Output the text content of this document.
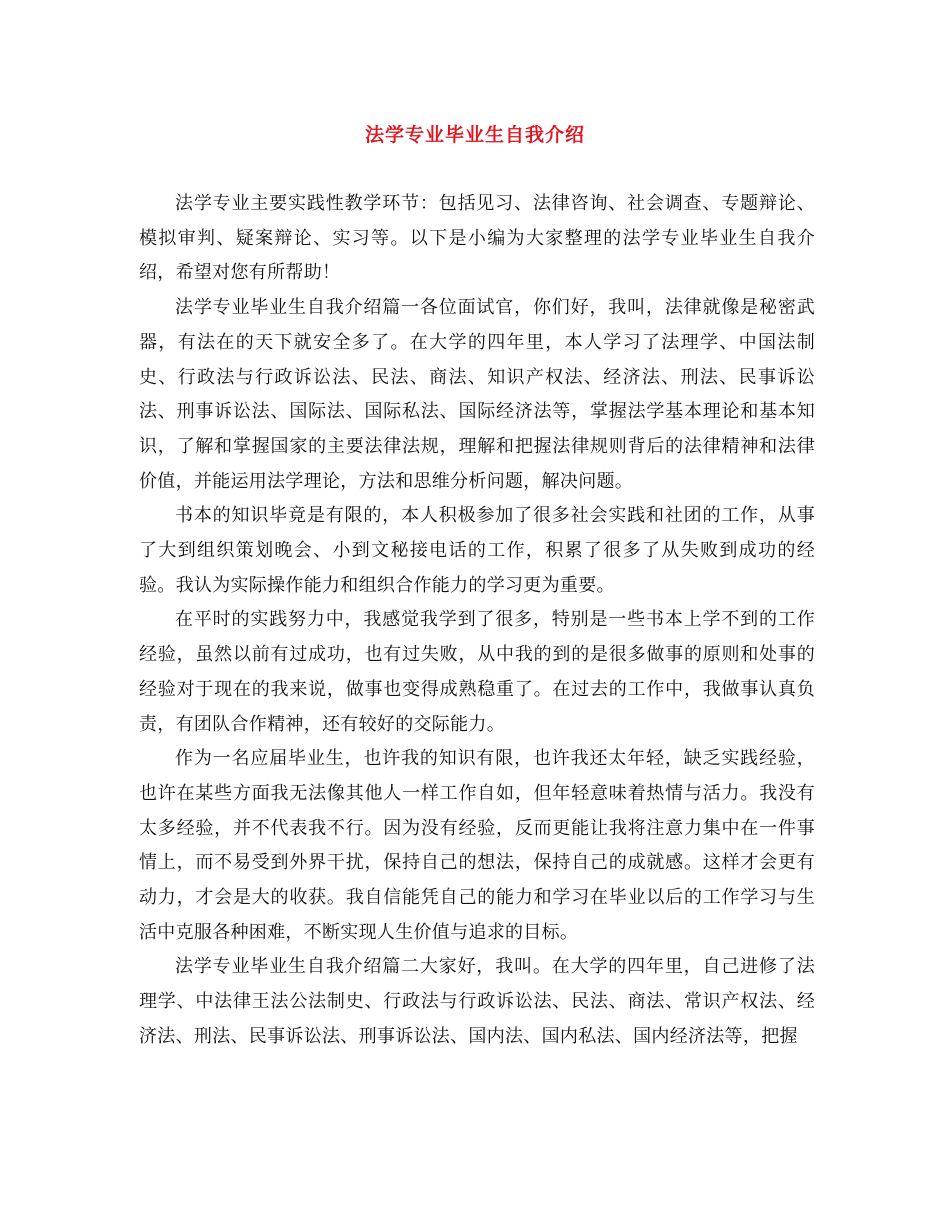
法学专业毕业生自我介绍

法学专业主要实践性教学环节：包括见习、法律咨询、社会调查、专题辩论、模拟审判、疑案辩论、实习等。以下是小编为大家整理的法学专业毕业生自我介绍，希望对您有所帮助！

法学专业毕业生自我介绍篇一各位面试官，你们好，我叫，法律就像是秘密武器，有法在的天下就安全多了。在大学的四年里，本人学习了法理学、中国法制史、行政法与行政诉讼法、民法、商法、知识产权法、经济法、刑法、民事诉讼法、刑事诉讼法、国际法、国际私法、国际经济法等，掌握法学基本理论和基本知识，了解和掌握国家的主要法律法规，理解和把握法律规则背后的法律精神和法律价值，并能运用法学理论，方法和思维分析问题，解决问题。

书本的知识毕竟是有限的，本人积极参加了很多社会实践和社团的工作，从事了大到组织策划晚会、小到文秘接电话的工作，积累了很多了从失败到成功的经验。我认为实际操作能力和组织合作能力的学习更为重要。

在平时的实践努力中，我感觉我学到了很多，特别是一些书本上学不到的工作经验，虽然以前有过成功，也有过失败，从中我的到的是很多做事的原则和处事的经验对于现在的我来说，做事也变得成熟稳重了。在过去的工作中，我做事认真负责，有团队合作精神，还有较好的交际能力。

作为一名应届毕业生，也许我的知识有限，也许我还太年轻，缺乏实践经验，也许在某些方面我无法像其他人一样工作自如，但年轻意味着热情与活力。我没有太多经验，并不代表我不行。因为没有经验，反而更能让我将注意力集中在一件事情上，而不易受到外界干扰，保持自己的想法，保持自己的成就感。这样才会更有动力，才会是大的收获。我自信能凭自己的能力和学习在毕业以后的工作学习与生活中克服各种困难，不断实现人生价值与追求的目标。

法学专业毕业生自我介绍篇二大家好，我叫。在大学的四年里，自己进修了法理学、中法律王法公法制史、行政法与行政诉讼法、民法、商法、常识产权法、经济法、刑法、民事诉讼法、刑事诉讼法、国内法、国内私法、国内经济法等，把握
